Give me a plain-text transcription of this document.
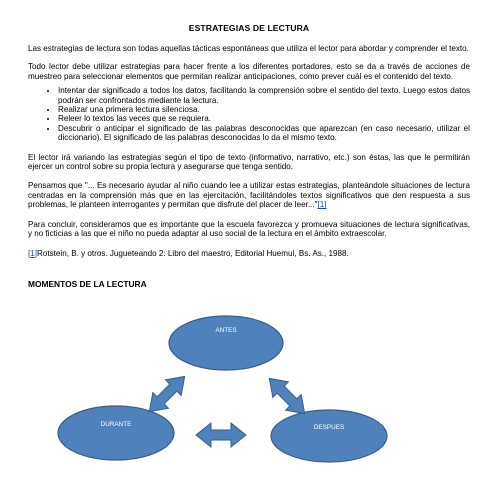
ESTRATEGIAS DE LECTURA

Las estrategias de lectura son todas aquellas tácticas espontáneas que utiliza el lector para abordar y comprender el texto.

Todo lector debe utilizar estrategias para hacer frente a los diferentes portadores, esto se da a través de acciones de muestreo para seleccionar elementos que permitan realizar anticipaciones, como prever cuál es el contenido del texto.

• Intentar dar significado a todos los datos, facilitando la comprensión sobre el sentido del texto. Luego estos datos podrán ser confrontados mediante la lectura.
• Realizar una primera lectura silenciosa.
• Releer lo textos las veces que se requiera.
• Descubrir o anticipar el significado de las palabras desconocidas que aparezcan (en caso necesario, utilizar el diccionario). El significado de las palabras desconocidas lo da el mismo texto.

El lector irá variando las estrategias según el tipo de texto (informativo, narrativo, etc.) son éstas, las que le permitirán ejercer un control sobre su propia lectura y asegurarse que tenga sentido.

Pensamos que "... Es necesario ayudar al niño cuando lee a utilizar estas estrategias, planteándole situaciones de lectura centradas en la comprensión más que en las ejercitación, facilitándoles textos significativos que den respuesta a sus problemas, le planteen interrogantes y permitan que disfrute del placer de leer..."[1]

Para concluir, consideramos que es importante que la escuela favorezca y promueva situaciones de lectura significativas, y no ficticias a las que el niño no pueda adaptar al uso social de la lectura en el ámbito extraescolar.

[1]Rotstein, B. y otros. Jugueteando 2: Libro del maestro, Editorial Huemul, Bs. As., 1988.

MOMENTOS DE LA LECTURA
ANTES
DURANTE	DESPUES
